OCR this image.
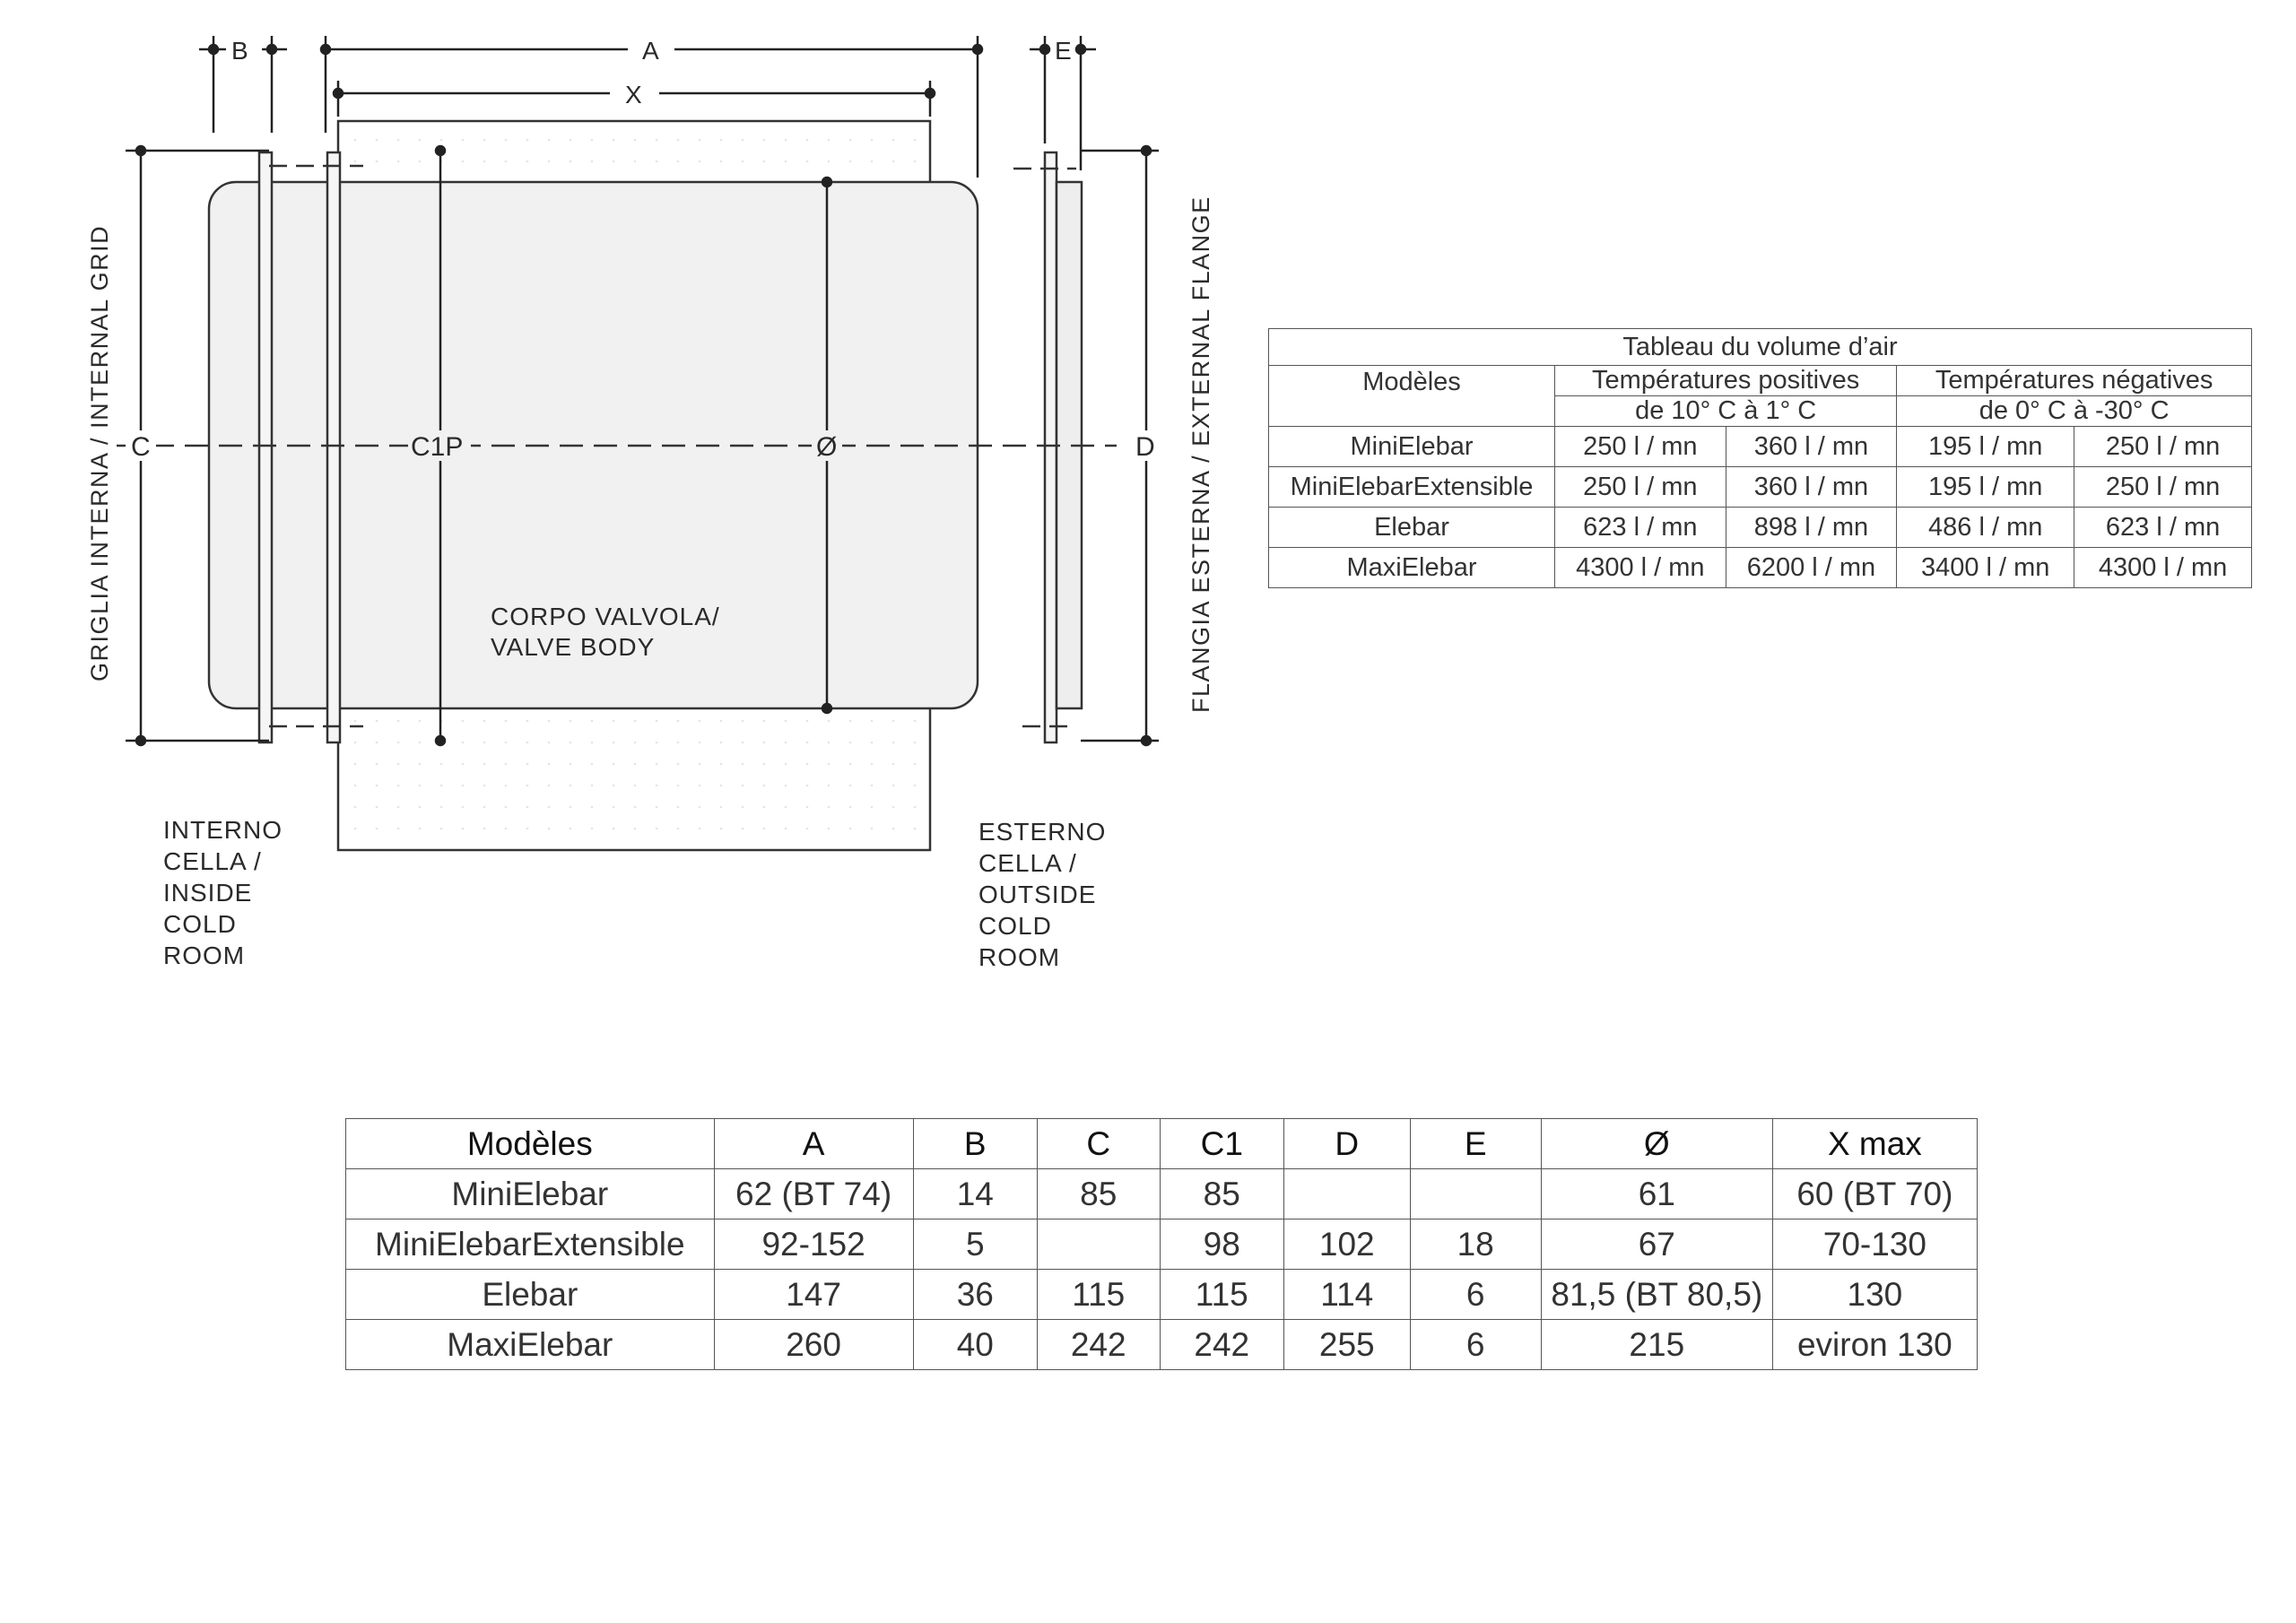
B	A
X
E
C	C1P	Ø	D
GRIGLIA INTERNA / INTERNAL GRID	FLANGIA ESTERNA / EXTERNAL FLANGE
CORPO VALVOLA/
VALVE BODY
INTERNO
CELLA /
INSIDE
COLD
ROOM
ESTERNO
CELLA /
OUTSIDE
COLD
ROOM
Tableau du volume d’air				
Modèles	Températures positives		Températures négatives	
	de 10° C à 1° C		de 0° C à -30° C	
MiniElebar	250 l / mn	360 l / mn	195 l / mn	250 l / mn
MiniElebarExtensible	250 l / mn	360 l / mn	195 l / mn	250 l / mn
Elebar	623 l / mn	898 l / mn	486 l / mn	623 l / mn
MaxiElebar	4300 l / mn	6200 l / mn	3400 l / mn	4300 l / mn
Modèles	A	B	C	C1	D	E	Ø	X max
MiniElebar	62 (BT 74)	14	85	85			61	60 (BT 70)
MiniElebarExtensible	92-152	5		98	102	18	67	70-130
Elebar	147	36	115	115	114	6	81,5 (BT 80,5)	130
MaxiElebar	260	40	242	242	255	6	215	eviron 130
